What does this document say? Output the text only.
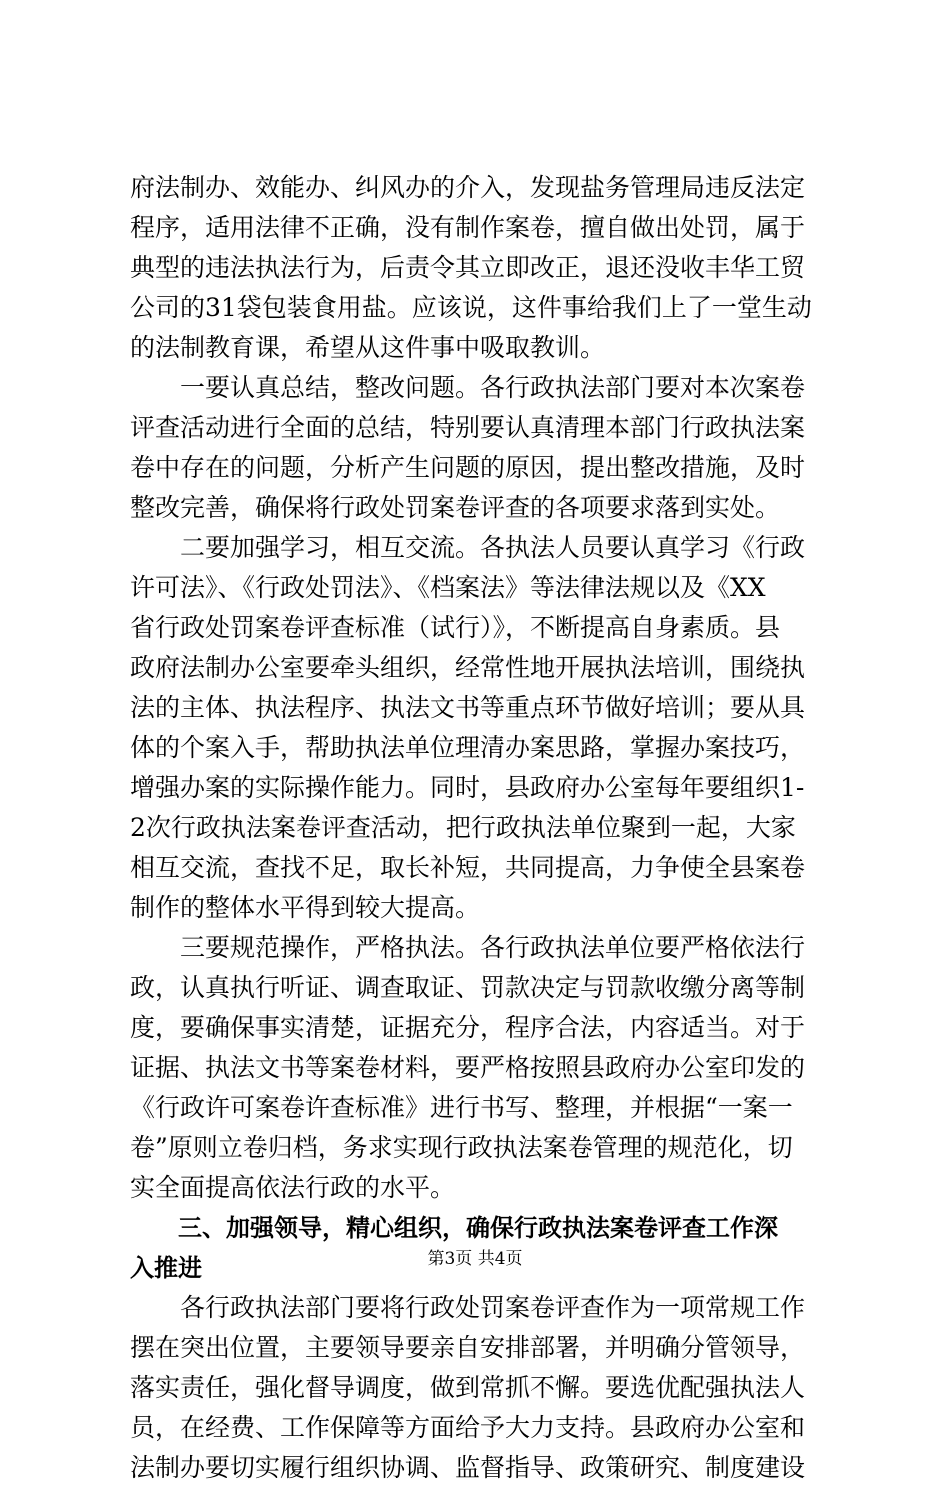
府法制办、效能办、纠风办的介入，发现盐务管理局违反法定
程序，适用法律不正确，没有制作案卷，擅自做出处罚，属于
典型的违法执法行为，后责令其立即改正，退还没收丰华工贸
公司的31袋包装食用盐。应该说，这件事给我们上了一堂生动
的法制教育课，希望从这件事中吸取教训。
　　一要认真总结，整改问题。各行政执法部门要对本次案卷
评查活动进行全面的总结，特别要认真清理本部门行政执法案
卷中存在的问题，分析产生问题的原因，提出整改措施，及时
整改完善，确保将行政处罚案卷评查的各项要求落到实处。
　　二要加强学习，相互交流。各执法人员要认真学习《行政
许可法》、《行政处罚法》、《档案法》等法律法规以及《XX
省行政处罚案卷评查标准（试行）》，不断提高自身素质。县
政府法制办公室要牵头组织，经常性地开展执法培训，围绕执
法的主体、执法程序、执法文书等重点环节做好培训；要从具
体的个案入手，帮助执法单位理清办案思路，掌握办案技巧，
增强办案的实际操作能力。同时，县政府办公室每年要组织1-
2次行政执法案卷评查活动，把行政执法单位聚到一起，大家
相互交流，查找不足，取长补短，共同提高，力争使全县案卷
制作的整体水平得到较大提高。
　　三要规范操作，严格执法。各行政执法单位要严格依法行
政，认真执行听证、调查取证、罚款决定与罚款收缴分离等制
度，要确保事实清楚，证据充分，程序合法，内容适当。对于
证据、执法文书等案卷材料，要严格按照县政府办公室印发的
《行政许可案卷许查标准》进行书写、整理，并根据“一案一
卷”原则立卷归档，务求实现行政执法案卷管理的规范化，切
实全面提高依法行政的水平。
　　三、加强领导，精心组织，确保行政执法案卷评查工作深
入推进
　　各行政执法部门要将行政处罚案卷评查作为一项常规工作
摆在突出位置，主要领导要亲自安排部署，并明确分管领导，
落实责任，强化督导调度，做到常抓不懈。要选优配强执法人
员，在经费、工作保障等方面给予大力支持。县政府办公室和
法制办要切实履行组织协调、监督指导、政策研究、制度建设
第3页 共4页
